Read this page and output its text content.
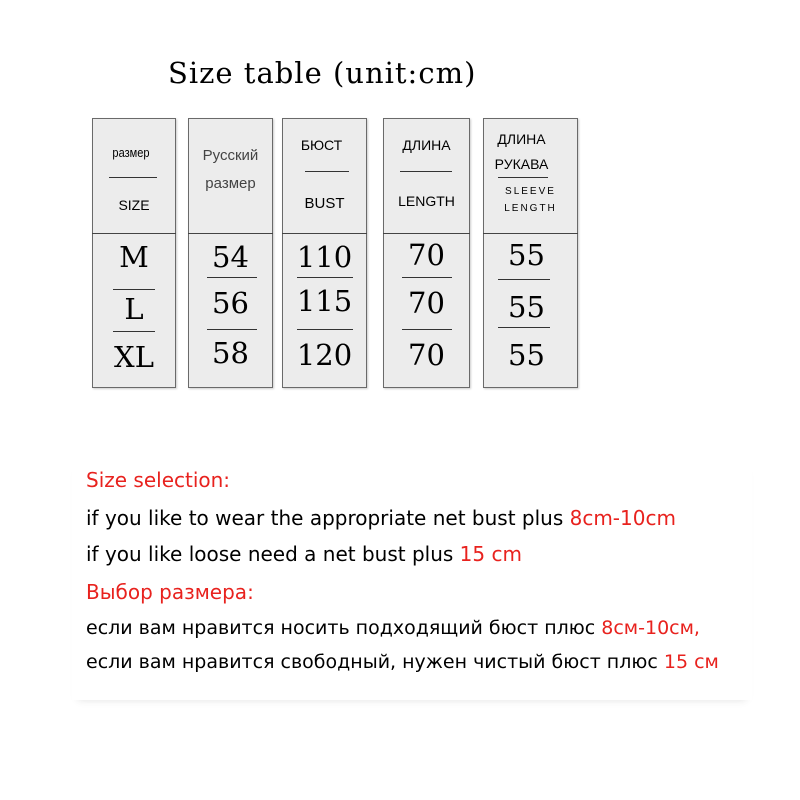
Size table (unit:cm)
размер
SIZE
M
L
XL
Русский
размер
54
56
58
БЮСТ
BUST
110
115
120
ДЛИНА
LENGTH
70
70
70
ДЛИНА
РУКАВА
SLEEVE
LENGTH
55
55
55
Size selection:
if you like to wear the appropriate net bust plus 8cm-10cm
if you like loose need a net bust plus 15 cm
Выбор размера:
если вам нравится носить подходящий бюст плюс 8см-10см,
если вам нравится свободный, нужен чистый бюст плюс 15 см
